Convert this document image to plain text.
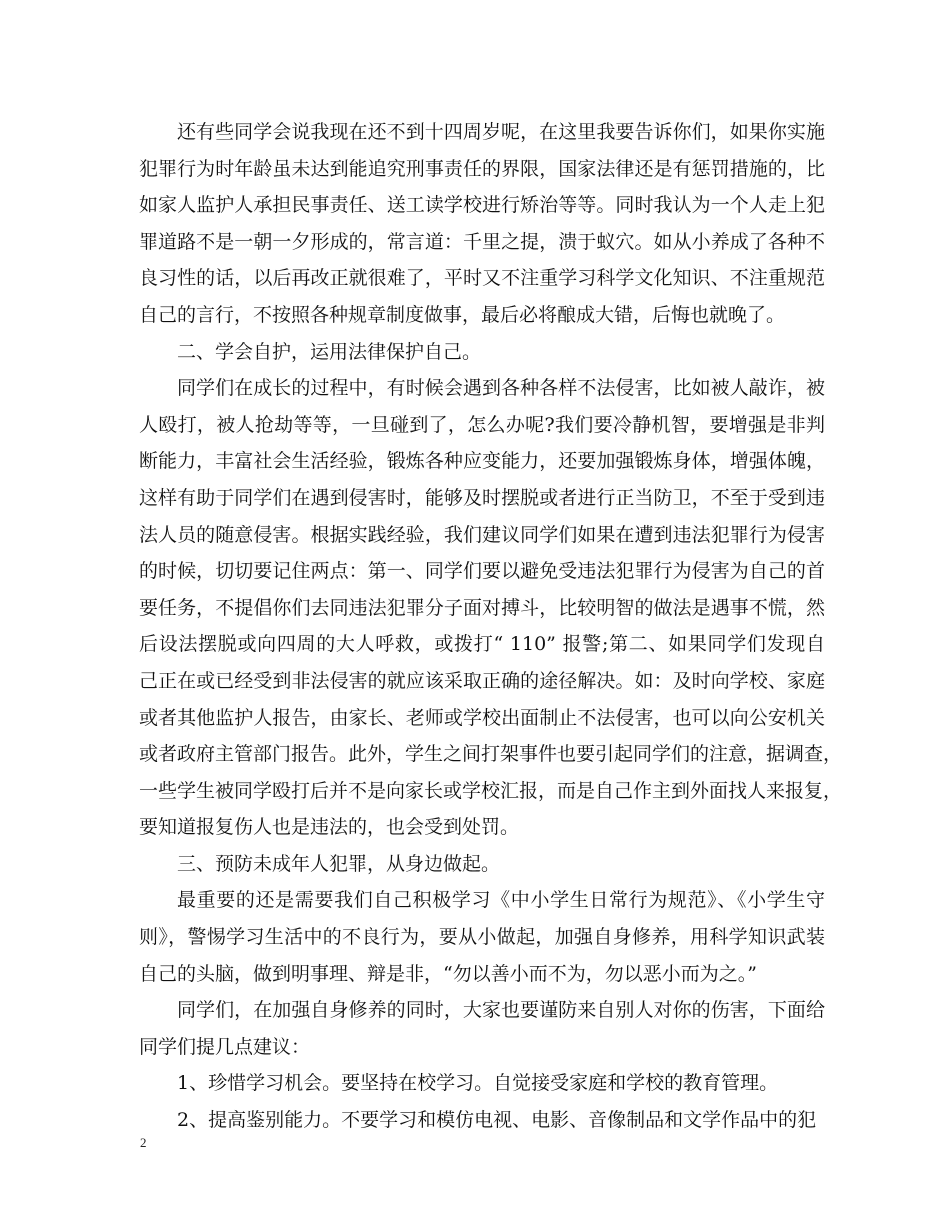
还有些同学会说我现在还不到十四周岁呢，在这里我要告诉你们，如果你实施
犯罪行为时年龄虽未达到能追究刑事责任的界限，国家法律还是有惩罚措施的，比
如家人监护人承担民事责任、送工读学校进行矫治等等。同时我认为一个人走上犯
罪道路不是一朝一夕形成的，常言道：千里之提，溃于蚁穴。如从小养成了各种不
良习性的话，以后再改正就很难了，平时又不注重学习科学文化知识、不注重规范
自己的言行，不按照各种规章制度做事，最后必将酿成大错，后悔也就晚了。
二、学会自护，运用法律保护自己。
同学们在成长的过程中，有时候会遇到各种各样不法侵害，比如被人敲诈，被
人殴打，被人抢劫等等，一旦碰到了，怎么办呢?我们要冷静机智，要增强是非判
断能力，丰富社会生活经验，锻炼各种应变能力，还要加强锻炼身体，增强体魄，
这样有助于同学们在遇到侵害时，能够及时摆脱或者进行正当防卫，不至于受到违
法人员的随意侵害。根据实践经验，我们建议同学们如果在遭到违法犯罪行为侵害
的时候，切切要记住两点：第一、同学们要以避免受违法犯罪行为侵害为自己的首
要任务，不提倡你们去同违法犯罪分子面对搏斗，比较明智的做法是遇事不慌，然
后设法摆脱或向四周的大人呼救，或拨打“ 110” 报警;第二、如果同学们发现自
己正在或已经受到非法侵害的就应该采取正确的途径解决。如：及时向学校、家庭
或者其他监护人报告，由家长、老师或学校出面制止不法侵害，也可以向公安机关
或者政府主管部门报告。此外，学生之间打架事件也要引起同学们的注意，据调查，
一些学生被同学殴打后并不是向家长或学校汇报，而是自己作主到外面找人来报复，
要知道报复伤人也是违法的，也会受到处罚。
三、预防未成年人犯罪，从身边做起。
最重要的还是需要我们自己积极学习《中小学生日常行为规范》、《小学生守
则》，警惕学习生活中的不良行为，要从小做起，加强自身修养，用科学知识武装
自己的头脑，做到明事理、辩是非，“勿以善小而不为，勿以恶小而为之。”
同学们，在加强自身修养的同时，大家也要谨防来自别人对你的伤害，下面给
同学们提几点建议：
1、珍惜学习机会。要坚持在校学习。自觉接受家庭和学校的教育管理。
2、提高鉴别能力。不要学习和模仿电视、电影、音像制品和文学作品中的犯
2
